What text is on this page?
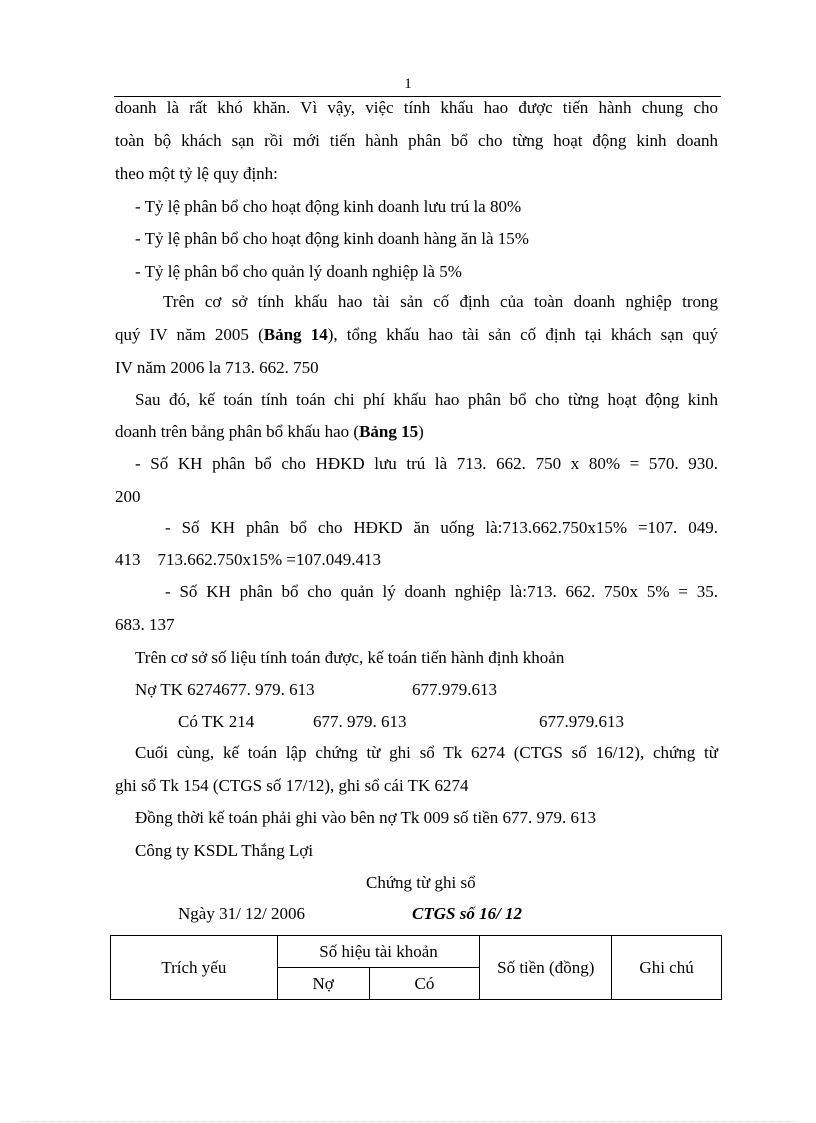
1
doanh là rất khó khăn. Vì vậy, việc tính khấu hao được tiến hành chung cho
toàn bộ khách sạn rồi mới tiến hành phân bổ cho từng hoạt động kinh doanh
theo một tỷ lệ quy định:
- Tỷ lệ phân bổ cho hoạt động kinh doanh lưu trú la 80%
- Tỷ lệ phân bổ cho hoạt động kinh doanh hàng ăn là 15%
- Tỷ lệ phân bổ cho quản lý doanh nghiệp là 5%
Trên cơ sở tính khấu hao tài sản cố định của toàn doanh nghiệp trong
quý IV năm 2005 (Bảng 14), tổng khấu hao tài sản cố định tại khách sạn quý
IV năm 2006 la 713. 662. 750
Sau đó, kế toán tính toán chi phí khấu hao phân bổ cho từng hoạt động kinh
doanh trên bảng phân bổ khấu hao (Bảng 15)
- Số KH phân bổ cho HĐKD lưu trú là 713. 662. 750 x 80% = 570. 930.
200
- Số KH phân bổ cho HĐKD ăn uống là:713.662.750x15% =107. 049.
413    713.662.750x15% =107.049.413
- Số KH phân bổ cho quản lý doanh nghiệp là:713. 662. 750x 5% = 35.
683. 137
Trên cơ sở số liệu tính toán được, kế toán tiến hành định khoản
Nợ TK 6274677. 979. 613	677.979.613
Có TK 214	677. 979. 613	677.979.613
Cuối cùng, kế toán lập chứng từ ghi sổ Tk 6274 (CTGS số 16/12), chứng từ
ghi sổ Tk 154 (CTGS số 17/12), ghi sổ cái TK 6274
Đồng thời kế toán phải ghi vào bên nợ Tk 009 số tiền 677. 979. 613
Công ty KSDL Thắng Lợi
Chứng từ ghi sổ
Ngày 31/ 12/ 2006	CTGS số 16/ 12
Trích yếu	Số hiệu tài khoản		Số tiền (đồng)	Ghi chú
	Nợ	Có		
